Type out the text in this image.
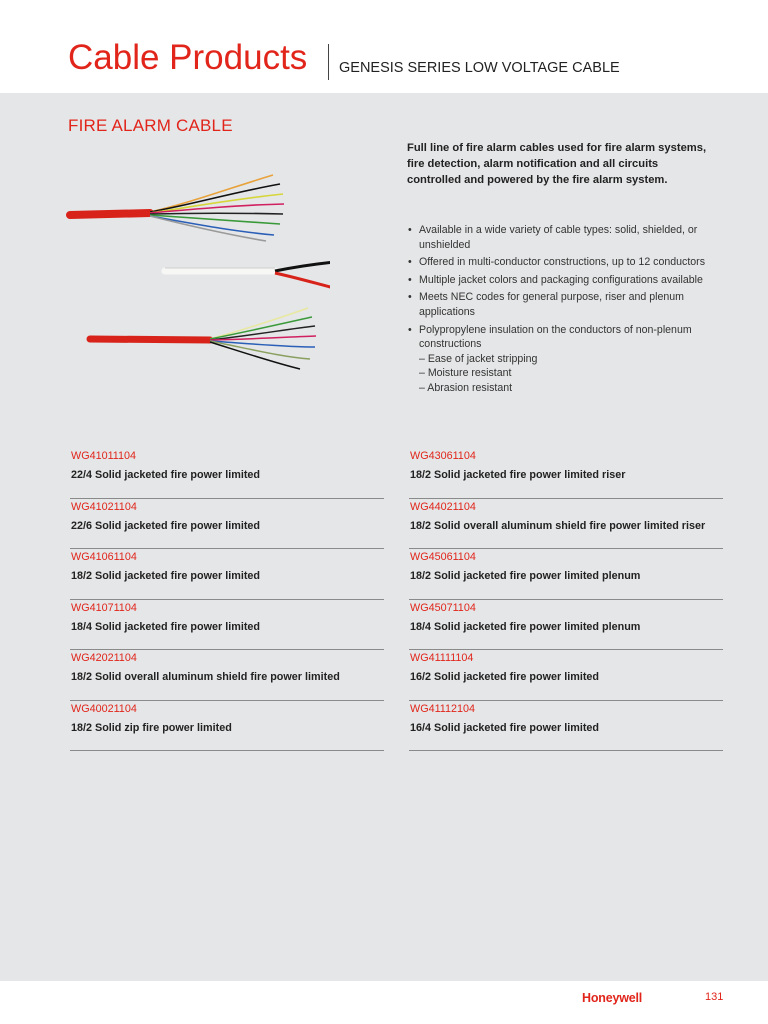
Cable Products GENESIS SERIES LOW VOLTAGE CABLE
FIRE ALARM CABLE
Full line of fire alarm cables used for fire alarm systems, fire detection, alarm notification and all circuits controlled and powered by the fire alarm system.
• Available in a wide variety of cable types: solid, shielded, or unshielded
• Offered in multi-conductor constructions, up to 12 conductors
• Multiple jacket colors and packaging configurations available
• Meets NEC codes for general purpose, riser and plenum applications
• Polypropylene insulation on the conductors of non-plenum constructions
– Ease of jacket stripping
– Moisture resistant
– Abrasion resistant
WG41011104
22/4 Solid jacketed fire power limited
WG41021104
22/6 Solid jacketed fire power limited
WG41061104
18/2 Solid jacketed fire power limited
WG41071104
18/4 Solid jacketed fire power limited
WG42021104
18/2 Solid overall aluminum shield fire power limited
WG40021104
18/2 Solid zip fire power limited
WG43061104
18/2 Solid jacketed fire power limited riser
WG44021104
18/2 Solid overall aluminum shield fire power limited riser
WG45061104
18/2 Solid jacketed fire power limited plenum
WG45071104
18/4 Solid jacketed fire power limited plenum
WG41111104
16/2 Solid jacketed fire power limited
WG41112104
16/4 Solid jacketed fire power limited
Honeywell	131
